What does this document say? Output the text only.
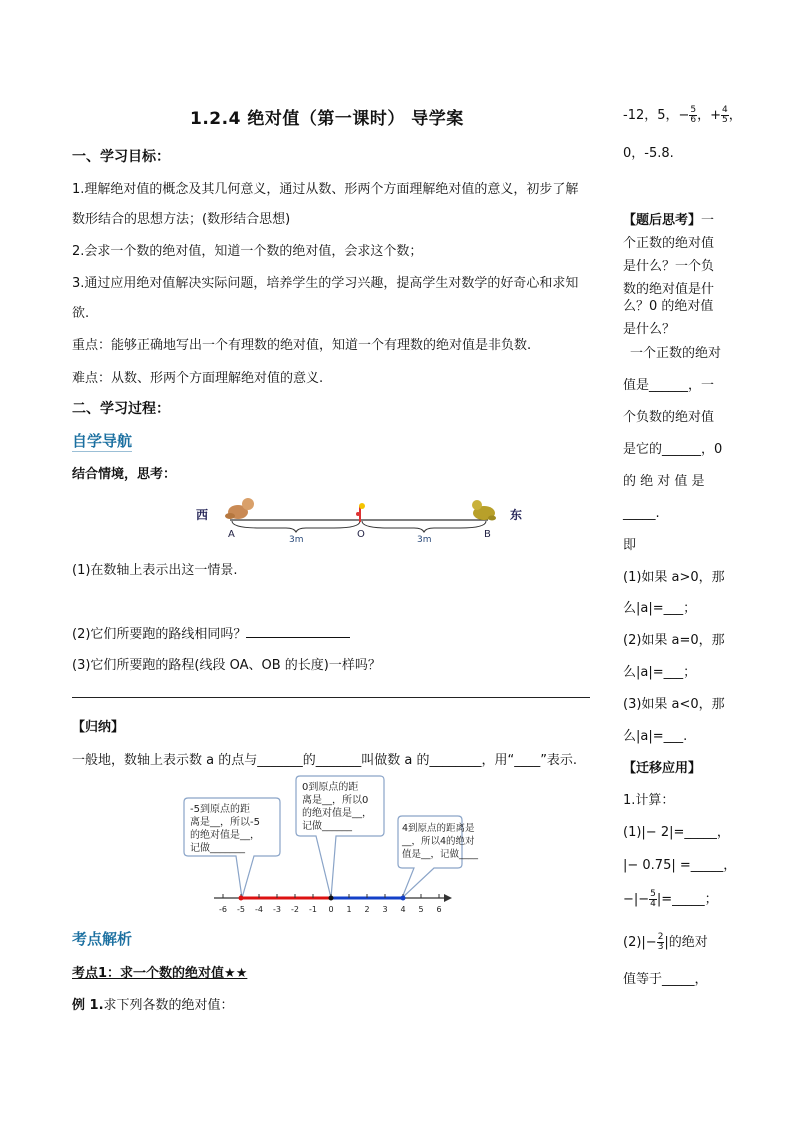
1.2.4 绝对值（第一课时） 导学案
一、学习目标：
1.理解绝对值的概念及其几何意义，通过从数、形两个方面理解绝对值的意义，初步了解
数形结合的思想方法；(数形结合思想)
2.会求一个数的绝对值，知道一个数的绝对值，会求这个数；
3.通过应用绝对值解决实际问题，培养学生的学习兴趣，提高学生对数学的好奇心和求知
欲.
重点：能够正确地写出一个有理数的绝对值，知道一个有理数的绝对值是非负数.
难点：从数、形两个方面理解绝对值的意义.
二、学习过程：
自学导航
结合情境，思考：
西	东
A	O	B
3m	3m
(1)在数轴上表示出这一情景.
(2)它们所要跑的路线相同吗？
(3)它们所要跑的路程(线段 OA、OB 的长度)一样吗？
【归纳】
一般地，数轴上表示数 a 的点与_______的_______叫做数 a 的________，用“____”表示.
-6 -5 -4 -3 -2 -1 0 1 2 3 4 5 6
-5到原点的距
离是__，所以-5
的绝对值是__，
记做_______
0到原点的距
离是__，所以0
的绝对值是__，
记做______	4到原点的距离是
__，所以4的绝对
值是__，记做____
考点解析
考点1：求一个数的绝对值★★
例 1.求下列各数的绝对值：
-12，5，− $\frac{5}{6}$ ，+ $\frac{4}{5}$ ，
0，-5.8.
【题后思考】一
个正数的绝对值
是什么？一个负
数的绝对值是什
么？0 的绝对值
是什么？
一个正数的绝对
值是______，一
个负数的绝对值
是它的______，0
的 绝 对 值 是
_____.
即
(1)如果 a>0，那
么|a|=___；
(2)如果 a=0，那
么|a|=___；
(3)如果 a<0，那
么|a|=___.
【迁移应用】
1.计算：
(1)|− 2|=_____，
|− 0.75| =_____，
−|− $\frac{5}{4}$ |=_____；
$(2)|- \frac{2}{3}$ |的绝对
值等于_____，
